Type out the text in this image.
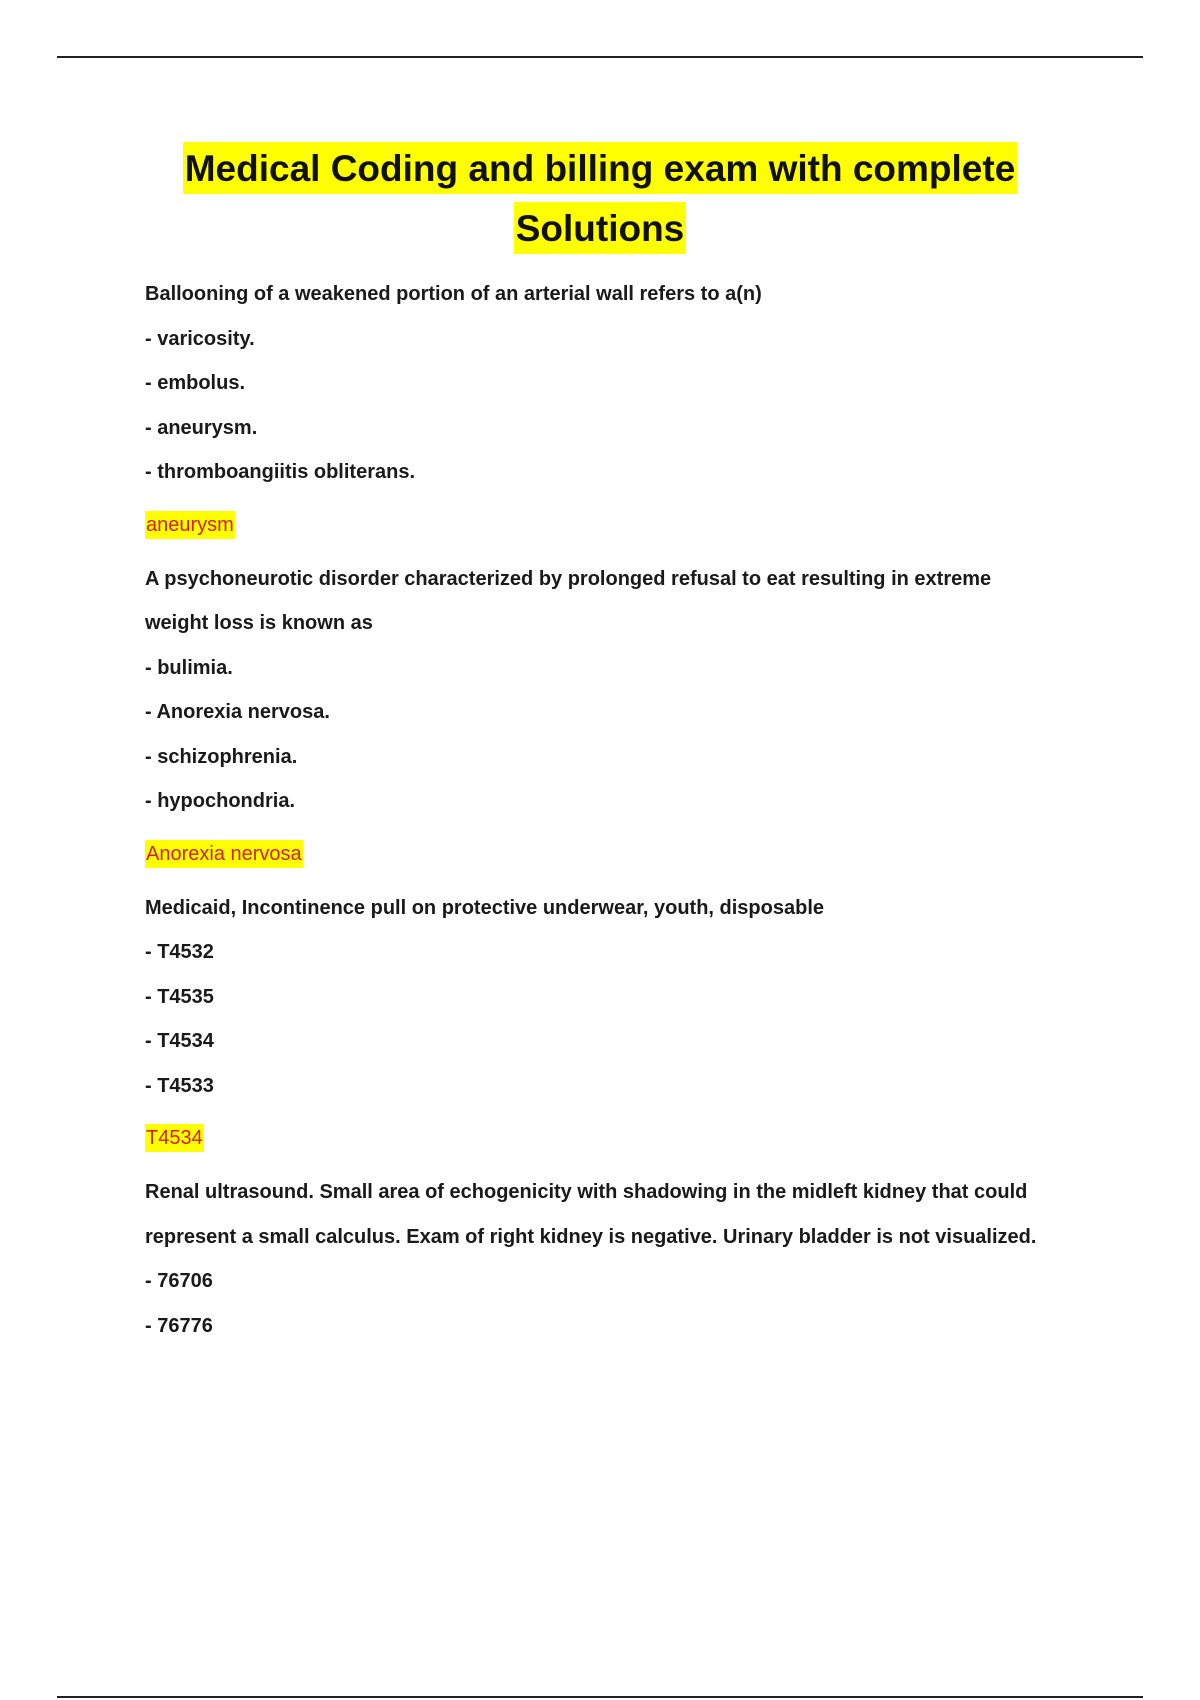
Medical Coding and billing exam with complete
Solutions
Ballooning of a weakened portion of an arterial wall refers to a(n)
- varicosity.
- embolus.
- aneurysm.
- thromboangiitis obliterans.
aneurysm
A psychoneurotic disorder characterized by prolonged refusal to eat resulting in extreme
weight loss is known as
- bulimia.
- Anorexia nervosa.
- schizophrenia.
- hypochondria.
Anorexia nervosa
Medicaid, Incontinence pull on protective underwear, youth, disposable
- T4532
- T4535
- T4534
- T4533
T4534
Renal ultrasound. Small area of echogenicity with shadowing in the midleft kidney that could
represent a small calculus. Exam of right kidney is negative. Urinary bladder is not visualized.
- 76706
- 76776
